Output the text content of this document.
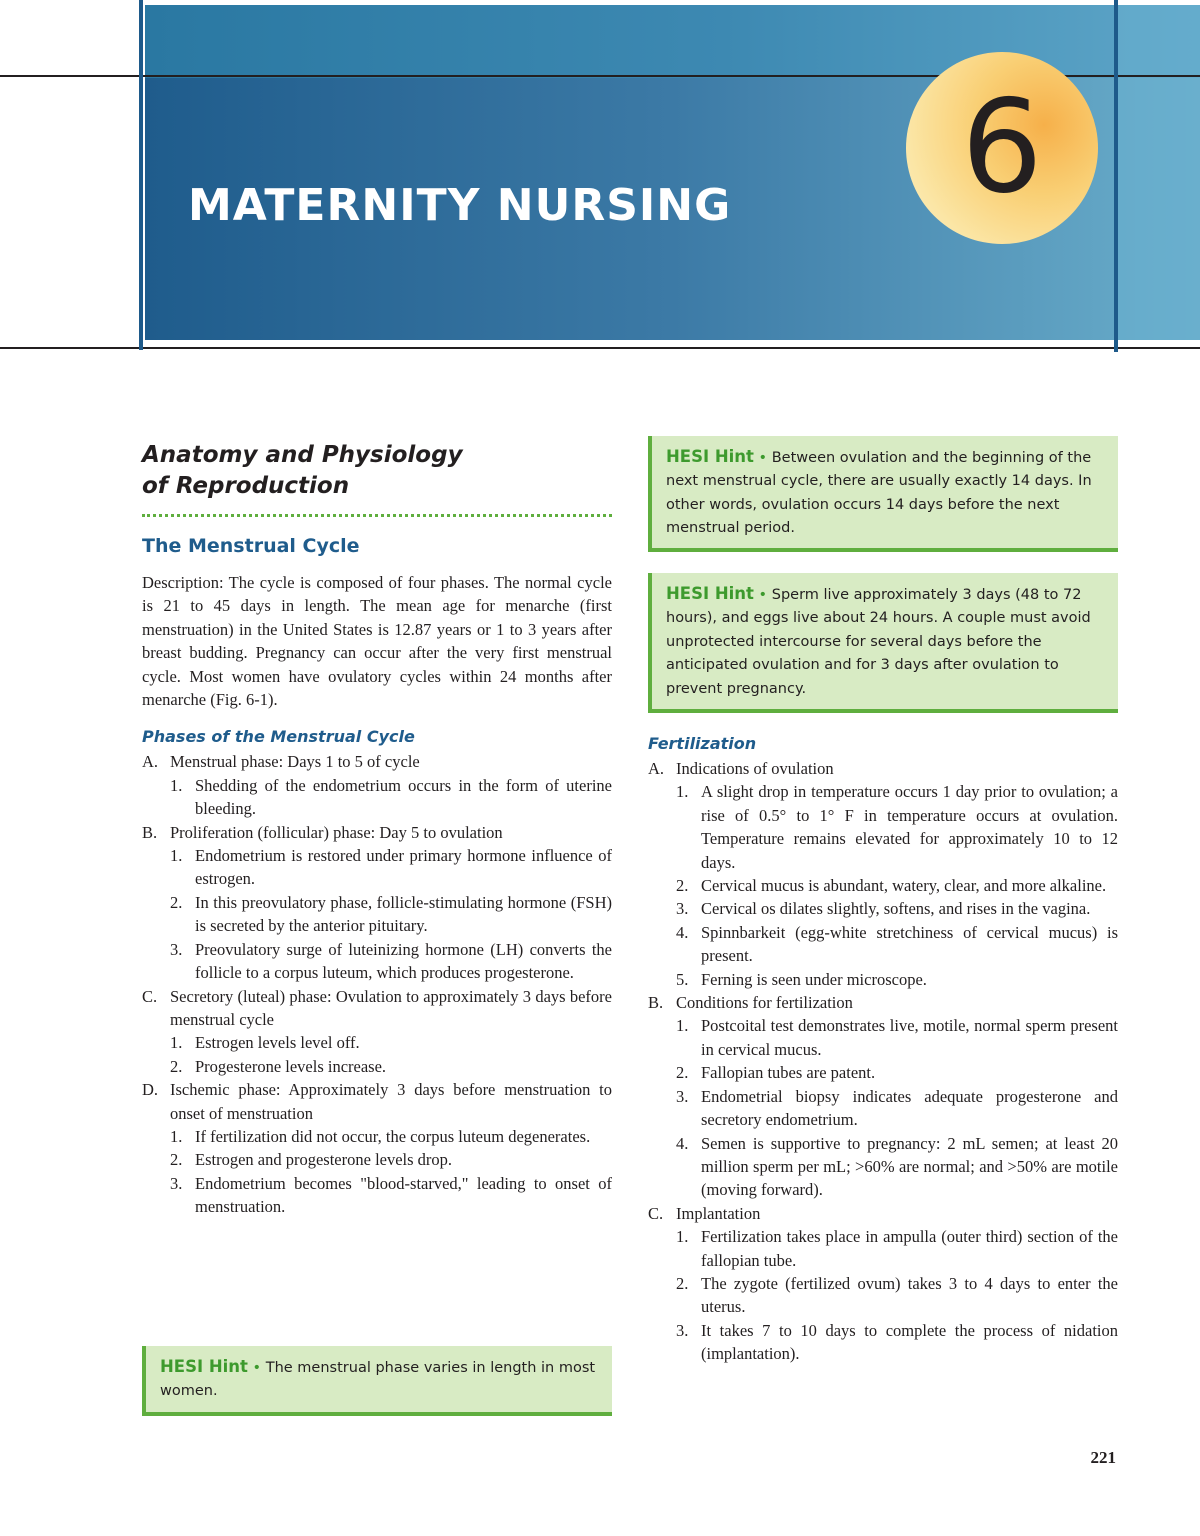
MATERNITY NURSING	6
Anatomy and Physiology
of Reproduction
The Menstrual Cycle

Description: The cycle is composed of four phases. The normal cycle is 21 to 45 days in length. The mean age for menarche (first menstruation) in the United States is 12.87 years or 1 to 3 years after breast budding. Pregnancy can occur after the very first menstrual cycle. Most women have ovulatory cycles within 24 months after menarche (Fig. 6-1).

Phases of the Menstrual Cycle
A. Menstrual phase: Days 1 to 5 of cycle
1. Shedding of the endometrium occurs in the form of uterine bleeding.
B. Proliferation (follicular) phase: Day 5 to ovulation
1. Endometrium is restored under primary hormone influence of estrogen.
2. In this preovulatory phase, follicle-stimulating hormone (FSH) is secreted by the anterior pituitary.
3. Preovulatory surge of luteinizing hormone (LH) converts the follicle to a corpus luteum, which produces progesterone.
C. Secretory (luteal) phase: Ovulation to approximately 3 days before menstrual cycle
1. Estrogen levels level off.
2. Progesterone levels increase.
D. Ischemic phase: Approximately 3 days before menstruation to onset of menstruation
1. If fertilization did not occur, the corpus luteum degenerates.
2. Estrogen and progesterone levels drop.
3. Endometrium becomes "blood-starved," leading to onset of menstruation.
HESI Hint • The menstrual phase varies in length in most women.
HESI Hint • Between ovulation and the beginning of the next menstrual cycle, there are usually exactly 14 days. In other words, ovulation occurs 14 days before the next menstrual period.
HESI Hint • Sperm live approximately 3 days (48 to 72 hours), and eggs live about 24 hours. A couple must avoid unprotected intercourse for several days before the anticipated ovulation and for 3 days after ovulation to prevent pregnancy.
Fertilization
A. Indications of ovulation
1. A slight drop in temperature occurs 1 day prior to ovulation; a rise of 0.5° to 1° F in temperature occurs at ovulation. Temperature remains elevated for approximately 10 to 12 days.
2. Cervical mucus is abundant, watery, clear, and more alkaline.
3. Cervical os dilates slightly, softens, and rises in the vagina.
4. Spinnbarkeit (egg-white stretchiness of cervical mucus) is present.
5. Ferning is seen under microscope.
B. Conditions for fertilization
1. Postcoital test demonstrates live, motile, normal sperm present in cervical mucus.
2. Fallopian tubes are patent.
3. Endometrial biopsy indicates adequate progesterone and secretory endometrium.
4. Semen is supportive to pregnancy: 2 mL semen; at least 20 million sperm per mL; >60% are normal; and >50% are motile (moving forward).
C. Implantation
1. Fertilization takes place in ampulla (outer third) section of the fallopian tube.
2. The zygote (fertilized ovum) takes 3 to 4 days to enter the uterus.
3. It takes 7 to 10 days to complete the process of nidation (implantation).
221
